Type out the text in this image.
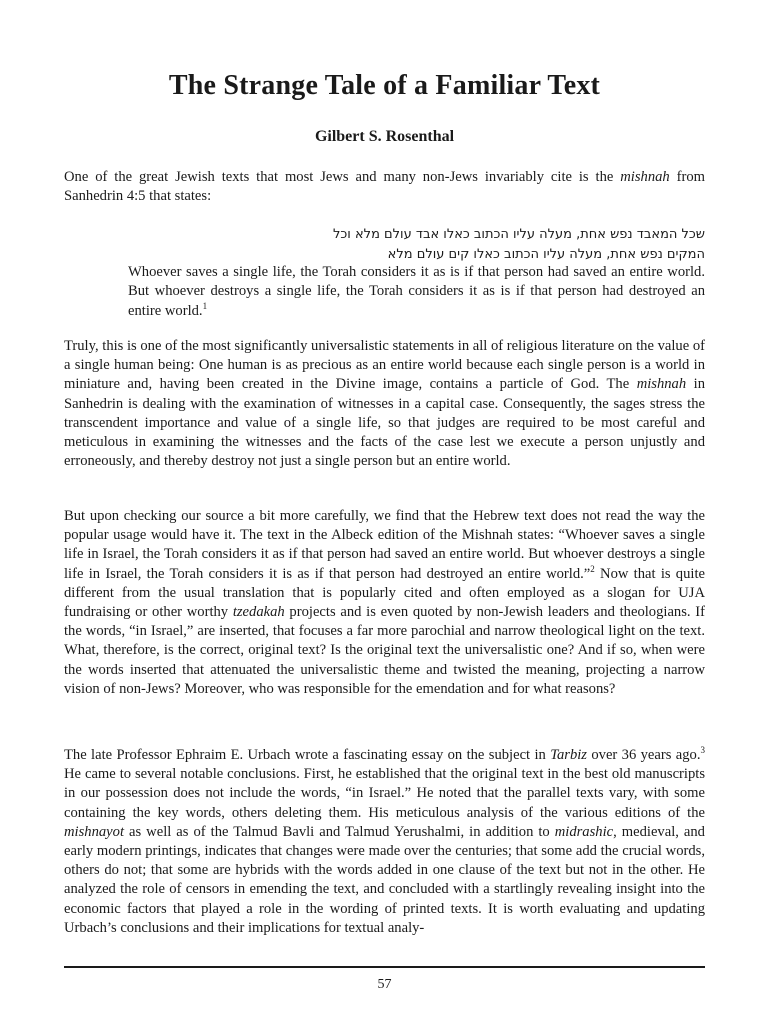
The Strange Tale of a Familiar Text
Gilbert S. Rosenthal
One of the great Jewish texts that most Jews and many non-Jews invariably cite is the mishnah from Sanhedrin 4:5 that states:
שכל המאבד נפש אחת, מעלה עליו הכתוב כאלו אבד עולם מלא וכל
המקים נפש אחת, מעלה עליו הכתוב כאלו קים עולם מלא
Whoever saves a single life, the Torah considers it as is if that person had saved an entire world. But whoever destroys a single life, the Torah considers it as is if that person had destroyed an entire world.$^1$
Truly, this is one of the most significantly universalistic statements in all of religious literature on the value of a single human being: One human is as precious as an entire world because each single person is a world in miniature and, having been created in the Divine image, contains a particle of God. The mishnah in Sanhedrin is dealing with the examination of witnesses in a capital case. Consequently, the sages stress the transcendent importance and value of a single life, so that judges are required to be most careful and meticulous in examining the witnesses and the facts of the case lest we execute a person unjustly and erroneously, and thereby destroy not just a single person but an entire world.
But upon checking our source a bit more carefully, we find that the Hebrew text does not read the way the popular usage would have it. The text in the Albeck edition of the Mishnah states: “Whoever saves a single life in Israel, the Torah considers it as if that person had saved an entire world. But whoever destroys a single life in Israel, the Torah considers it is as if that person had destroyed an entire world.”$^2$ Now that is quite different from the usual translation that is popularly cited and often employed as a slogan for UJA fundraising or other worthy tzedakah projects and is even quoted by non-Jewish leaders and theologians. If the words, “in Israel,” are inserted, that focuses a far more parochial and narrow theological light on the text. What, therefore, is the correct, original text? Is the original text the universalistic one? And if so, when were the words inserted that attenuated the universalistic theme and twisted the meaning, projecting a narrow vision of non-Jews? Moreover, who was responsible for the emendation and for what reasons?
The late Professor Ephraim E. Urbach wrote a fascinating essay on the subject in Tarbiz over 36 years ago.$^3$ He came to several notable conclusions. First, he established that the original text in the best old manuscripts in our possession does not include the words, “in Israel.” He noted that the parallel texts vary, with some containing the key words, others deleting them. His meticulous analysis of the various editions of the mishnayot as well as of the Talmud Bavli and Talmud Yerushalmi, in addition to midrashic, medieval, and early modern printings, indicates that changes were made over the centuries; that some add the crucial words, others do not; that some are hybrids with the words added in one clause of the text but not in the other. He analyzed the role of censors in emending the text, and concluded with a startlingly revealing insight into the economic factors that played a role in the wording of printed texts. It is worth evaluating and updating Urbach’s conclusions and their implications for textual analy-
57
